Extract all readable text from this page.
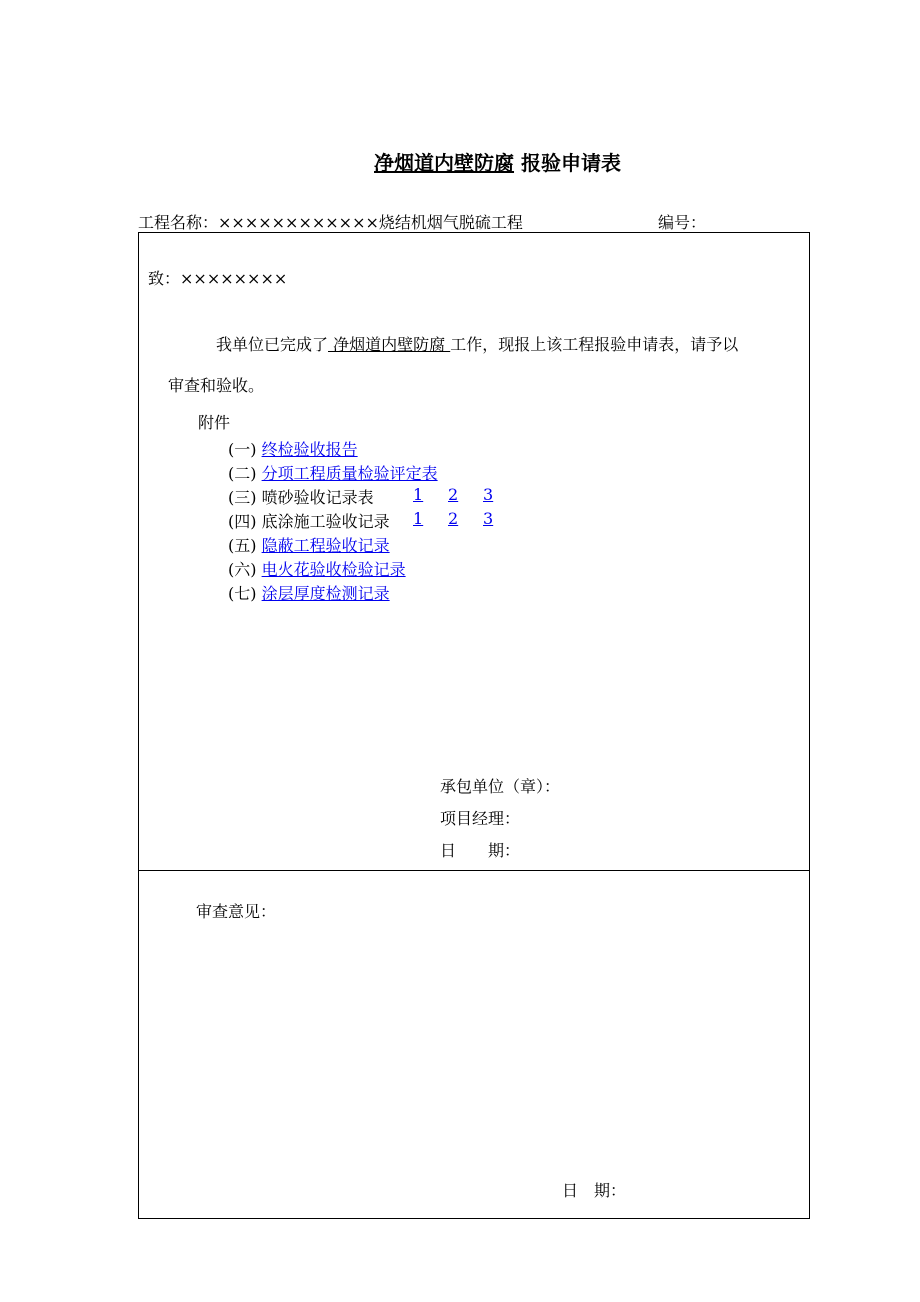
净烟道内壁防腐 报验申请表
工程名称：××××××××××××烧结机烟气脱硫工程	编号：
致：××××××××
我单位已完成了 净烟道内壁防腐 工作，现报上该工程报验申请表，请予以
审查和验收。
附件
(一) 终检验收报告
(二) 分项工程质量检验评定表
(三) 喷砂验收记录表 1 2 3
(四) 底涂施工验收记录 1 2 3
(五) 隐蔽工程验收记录
(六) 电火花验收检验记录
(七) 涂层厚度检测记录
承包单位（章）：
项目经理：
日　　期：
审查意见：
日　期：
